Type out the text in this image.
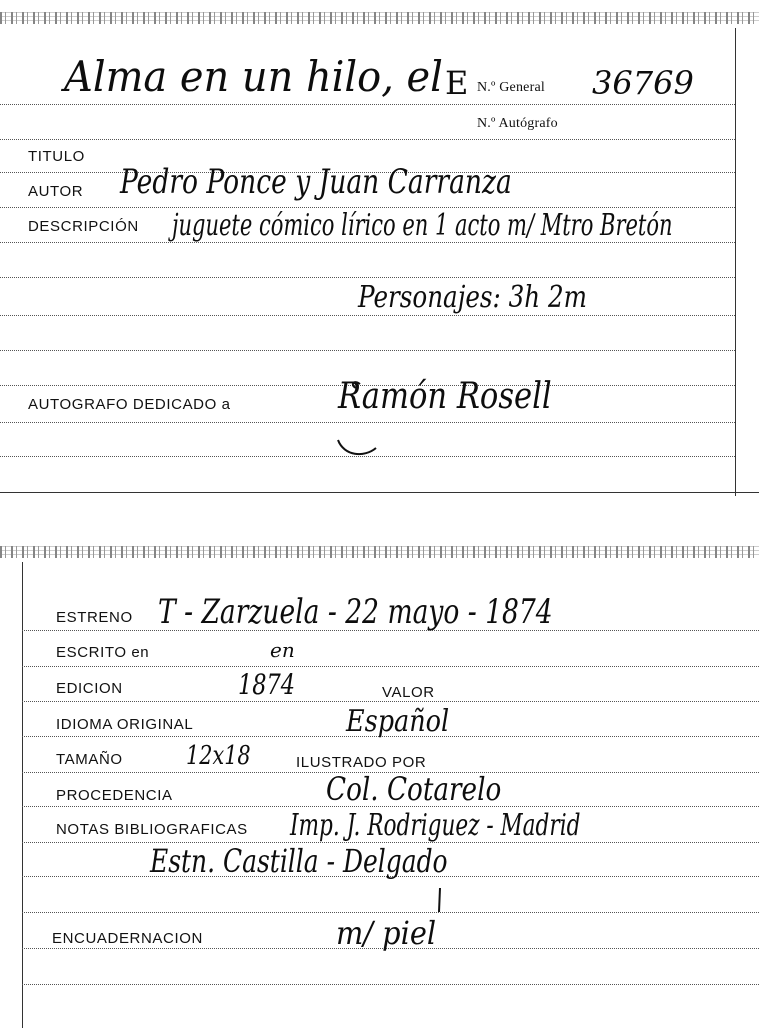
Alma en un hilo, el E N.º General 36769
N.º Autógrafo
TITULO
AUTOR Pedro Ponce y Juan Carranza
DESCRIPCIÓN juguete cómico lírico en 1 acto m/ Mtro Bretón
Personajes: 3h 2m
AUTOGRAFO DEDICADO a	Ramón Rosell
ESTRENO T - Zarzuela - 22 mayo - 1874
ESCRITO en	en
EDICION	1874	VALOR
IDIOMA ORIGINAL	Español
TAMAÑO 12x18	ILUSTRADO POR
PROCEDENCIA	Col. Cotarelo
NOTAS BIBLIOGRAFICAS Imp. J. Rodriguez - Madrid
Estn. Castilla - Delgado
ENCUADERNACION	m/ piel
